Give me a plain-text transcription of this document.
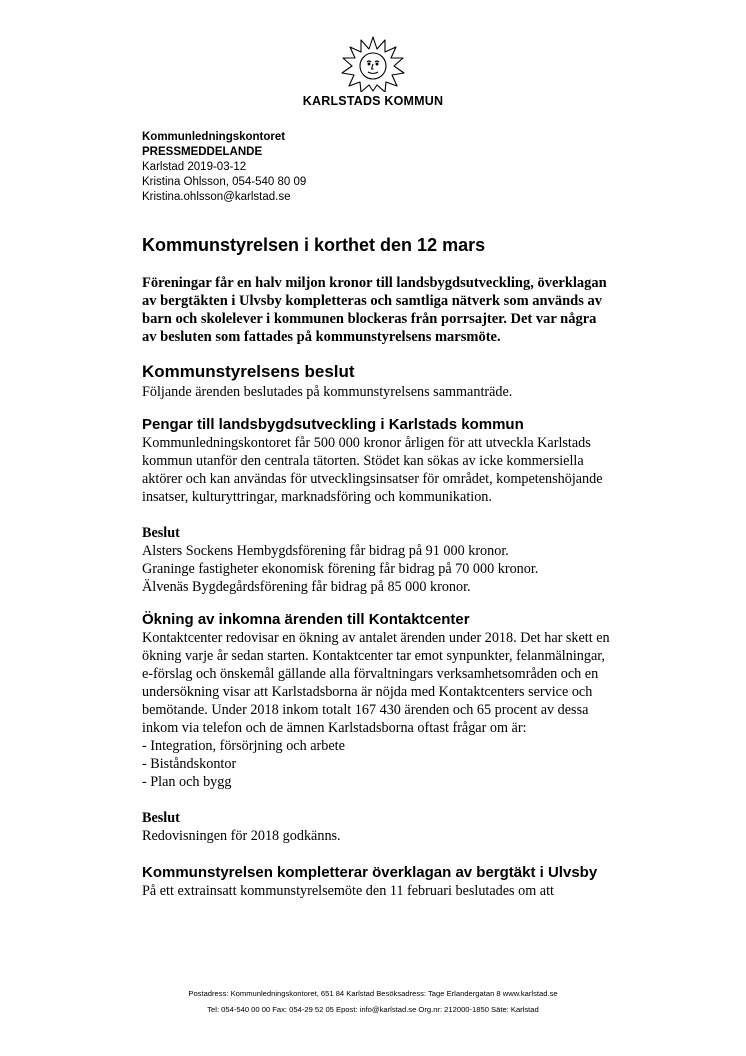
KARLSTADS KOMMUN
Kommunledningskontoret
PRESSMEDDELANDE
Karlstad 2019-03-12
Kristina Ohlsson, 054-540 80 09
Kristina.ohlsson@karlstad.se
Kommunstyrelsen i korthet den 12 mars
Föreningar får en halv miljon kronor till landsbygdsutveckling, överklagan av bergtäkten i Ulvsby kompletteras och samtliga nätverk som används av barn och skolelever i kommunen blockeras från porrsajter. Det var några av besluten som fattades på kommunstyrelsens marsmöte.
Kommunstyrelsens beslut
Följande ärenden beslutades på kommunstyrelsens sammanträde.
Pengar till landsbygdsutveckling i Karlstads kommun
Kommunledningskontoret får 500 000 kronor årligen för att utveckla Karlstads kommun utanför den centrala tätorten. Stödet kan sökas av icke kommersiella aktörer och kan användas för utvecklingsinsatser för området, kompetenshöjande insatser, kulturyttringar, marknadsföring och kommunikation.
Beslut
Alsters Sockens Hembygdsförening får bidrag på 91 000 kronor.
Graninge fastigheter ekonomisk förening får bidrag på 70 000 kronor.
Älvenäs Bygdegårdsförening får bidrag på 85 000 kronor.
Ökning av inkomna ärenden till Kontaktcenter
Kontaktcenter redovisar en ökning av antalet ärenden under 2018. Det har skett en ökning varje år sedan starten. Kontaktcenter tar emot synpunkter, felanmälningar, e-förslag och önskemål gällande alla förvaltningars verksamhetsområden och en undersökning visar att Karlstadsborna är nöjda med Kontaktcenters service och bemötande. Under 2018 inkom totalt 167 430 ärenden och 65 procent av dessa inkom via telefon och de ämnen Karlstadsborna oftast frågar om är:
- Integration, försörjning och arbete
- Biståndskontor
- Plan och bygg
Beslut
Redovisningen för 2018 godkänns.
Kommunstyrelsen kompletterar överklagan av bergtäkt i Ulvsby
På ett extrainsatt kommunstyrelsemöte den 11 februari beslutades om att
Postadress: Kommunledningskontoret, 651 84 Karlstad Besöksadress: Tage Erlandergatan 8 www.karlstad.se
Tel: 054-540 00 00 Fax: 054-29 52 05 Epost: info@karlstad.se Org.nr: 212000-1850 Säte: Karlstad
